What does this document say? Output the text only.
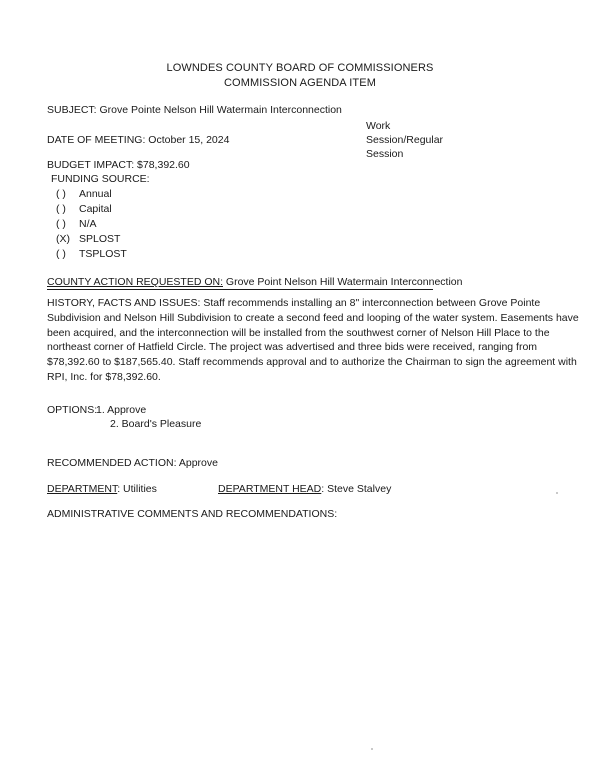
LOWNDES COUNTY BOARD OF COMMISSIONERS
COMMISSION AGENDA ITEM
SUBJECT: Grove Pointe Nelson Hill Watermain Interconnection
Work
Session/Regular
Session
DATE OF MEETING: October 15, 2024
BUDGET IMPACT: $78,392.60
FUNDING SOURCE:
( ) Annual
( ) Capital
( ) N/A
(X) SPLOST
( ) TSPLOST
COUNTY ACTION REQUESTED ON: Grove Point Nelson Hill Watermain Interconnection
HISTORY, FACTS AND ISSUES: Staff recommends installing an 8" interconnection between Grove Pointe Subdivision and Nelson Hill Subdivision to create a second feed and looping of the water system. Easements have been acquired, and the interconnection will be installed from the southwest corner of Nelson Hill Place to the northeast corner of Hatfield Circle. The project was advertised and three bids were received, ranging from $78,392.60 to $187,565.40. Staff recommends approval and to authorize the Chairman to sign the agreement with RPI, Inc. for $78,392.60.
OPTIONS:
1. Approve
2. Board's Pleasure
RECOMMENDED ACTION: Approve
DEPARTMENT: Utilities	DEPARTMENT HEAD: Steve Stalvey
ADMINISTRATIVE COMMENTS AND RECOMMENDATIONS:
